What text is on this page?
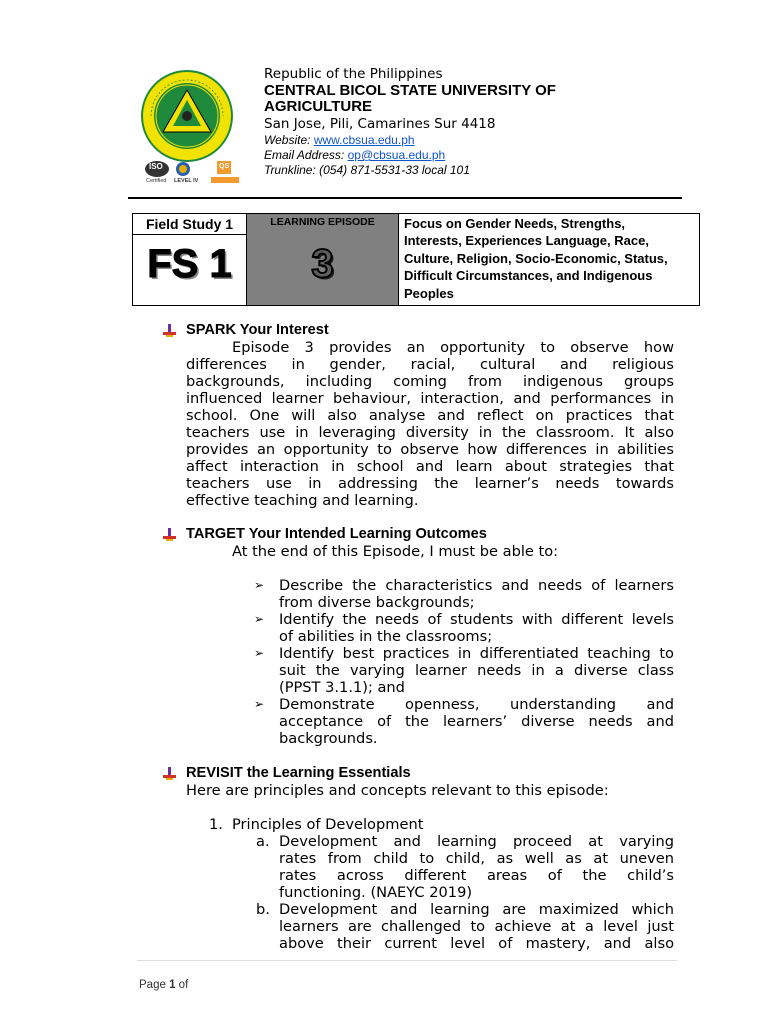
ISO
Certified LEVEL IV
QS
Republic of the Philippines
CENTRAL BICOL STATE UNIVERSITY OF
AGRICULTURE
San Jose, Pili, Camarines Sur 4418
Website: www.cbsua.edu.ph
Email Address: op@cbsua.edu.ph
Trunkline: (054) 871-5531-33 local 101
Field Study 1
FS 1
LEARNING EPISODE
3
Focus on Gender Needs, Strengths,
Interests, Experiences Language, Race,
Culture, Religion, Socio-Economic, Status,
Difficult Circumstances, and Indigenous
Peoples
SPARK Your Interest
Episode 3 provides an opportunity to observe how
differences in gender, racial, cultural and religious
backgrounds, including coming from indigenous groups
influenced learner behaviour, interaction, and performances in
school. One will also analyse and reflect on practices that
teachers use in leveraging diversity in the classroom. It also
provides an opportunity to observe how differences in abilities
affect interaction in school and learn about strategies that
teachers use in addressing the learner’s needs towards
effective teaching and learning.
TARGET Your Intended Learning Outcomes
At the end of this Episode, I must be able to:
➢ Describe the characteristics and needs of learners
from diverse backgrounds;
➢ Identify the needs of students with different levels
of abilities in the classrooms;
➢ Identify best practices in differentiated teaching to
suit the varying learner needs in a diverse class
(PPST 3.1.1); and
➢ Demonstrate openness, understanding and
acceptance of the learners’ diverse needs and
backgrounds.
REVISIT the Learning Essentials
Here are principles and concepts relevant to this episode:
1. Principles of Development
a. Development and learning proceed at varying
rates from child to child, as well as at uneven
rates across different areas of the child’s
functioning. (NAEYC 2019)
b. Development and learning are maximized which
learners are challenged to achieve at a level just
above their current level of mastery, and also
Page 1 of
